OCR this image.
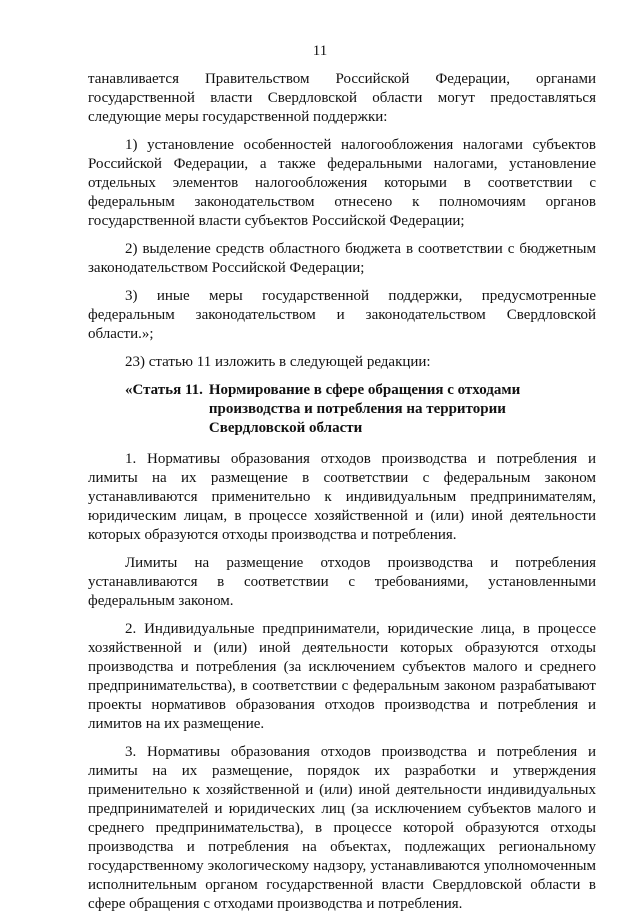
11

танавливается Правительством Российской Федерации, органами государственной власти Свердловской области могут предоставляться следующие меры государственной поддержки:

1) установление особенностей налогообложения налогами субъектов Российской Федерации, а также федеральными налогами, установление отдельных элементов налогообложения которыми в соответствии с федеральным законодательством отнесено к полномочиям органов государственной власти субъектов Российской Федерации;

2) выделение средств областного бюджета в соответствии с бюджетным законодательством Российской Федерации;

3) иные меры государственной поддержки, предусмотренные федеральным законодательством и законодательством Свердловской области.»;

23) статью 11 изложить в следующей редакции:

«Статья 11. Нормирование в сфере обращения с отходами
производства и потребления на территории
Свердловской области

1. Нормативы образования отходов производства и потребления и лимиты на их размещение в соответствии с федеральным законом устанавливаются применительно к индивидуальным предпринимателям, юридическим лицам, в процессе хозяйственной и (или) иной деятельности которых образуются отходы производства и потребления.

Лимиты на размещение отходов производства и потребления устанавливаются в соответствии с требованиями, установленными федеральным законом.

2. Индивидуальные предприниматели, юридические лица, в процессе хозяйственной и (или) иной деятельности которых образуются отходы производства и потребления (за исключением субъектов малого и среднего предпринимательства), в соответствии с федеральным законом разрабатывают проекты нормативов образования отходов производства и потребления и лимитов на их размещение.

3. Нормативы образования отходов производства и потребления и лимиты на их размещение, порядок их разработки и утверждения применительно к хозяйственной и (или) иной деятельности индивидуальных предпринимателей и юридических лиц (за исключением субъектов малого и среднего предпринимательства), в процессе которой образуются отходы производства и потребления на объектах, подлежащих региональному государственному экологическому надзору, устанавливаются уполномоченным исполнительным органом государственной власти Свердловской области в сфере обращения с отходами производства и потребления.
